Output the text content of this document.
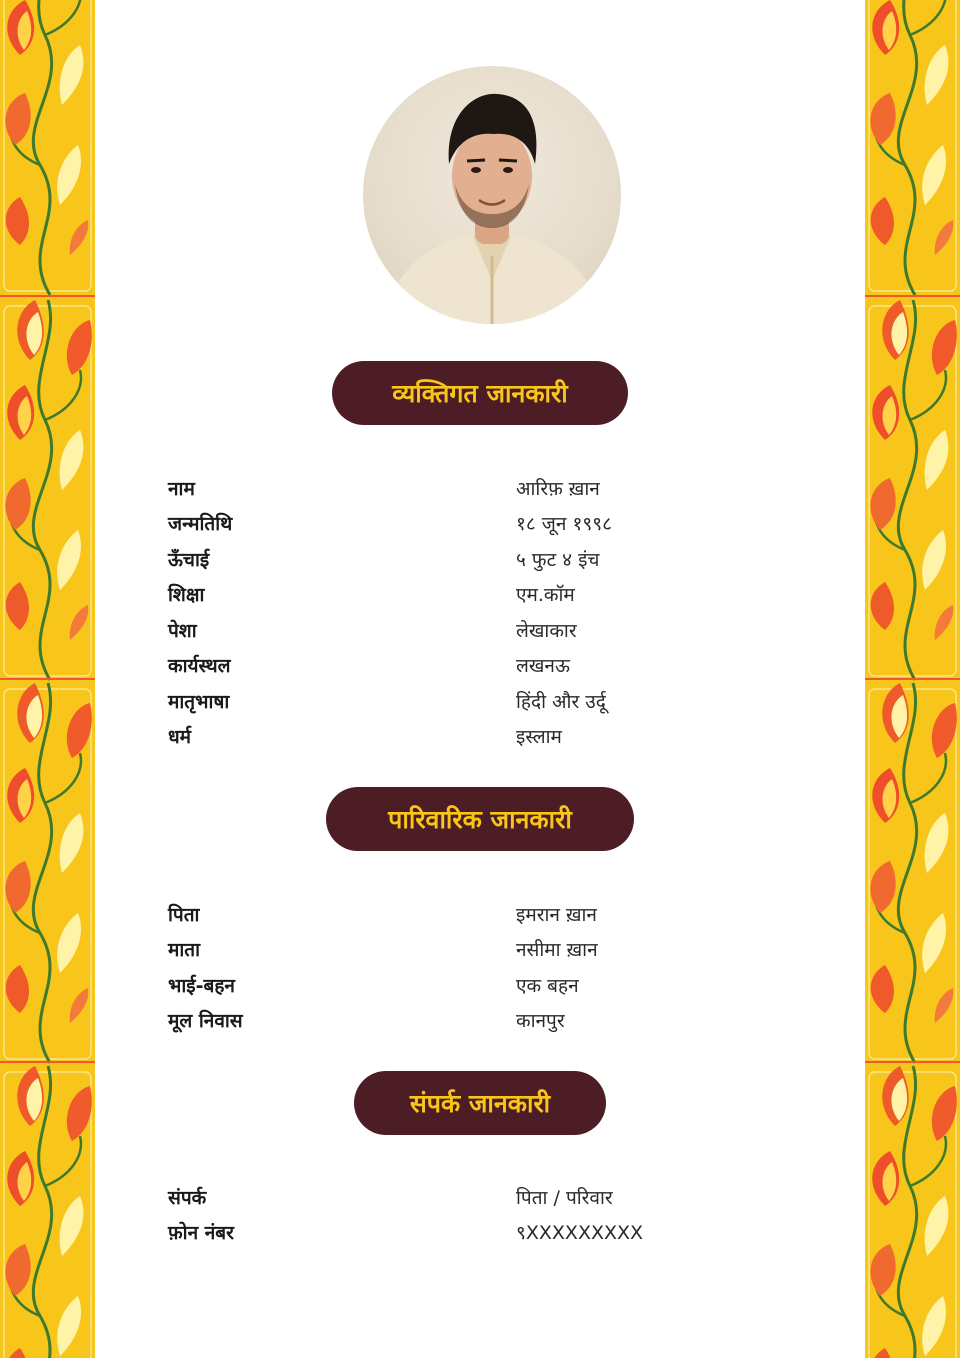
व्यक्तिगत जानकारी
नाम	आरिफ़ ख़ान
जन्मतिथि	१८ जून १९९८
ऊँचाई	५ फुट ४ इंच
शिक्षा	एम.कॉम
पेशा	लेखाकार
कार्यस्थल	लखनऊ
मातृभाषा	हिंदी और उर्दू
धर्म	इस्लाम
पारिवारिक जानकारी
पिता	इमरान ख़ान
माता	नसीमा ख़ान
भाई-बहन	एक बहन
मूल निवास	कानपुर
संपर्क जानकारी
संपर्क	पिता / परिवार
फ़ोन नंबर	९XXXXXXXXX
